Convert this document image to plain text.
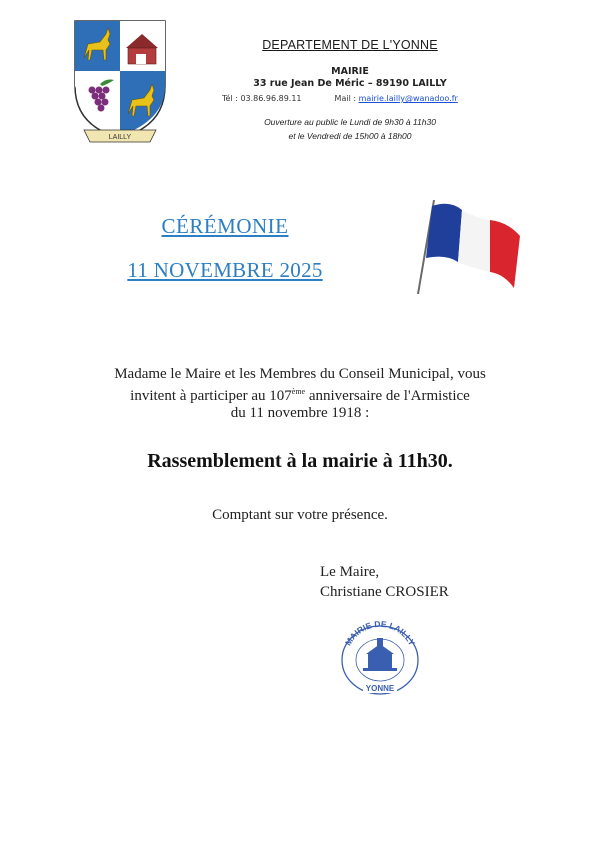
LAILLY
DEPARTEMENT DE L'YONNE
MAIRIE
33 rue Jean De Méric – 89190 LAILLY
Tél : 03.86.96.89.11	Mail : mairie.lailly@wanadoo.fr
Ouverture au public le Lundi de 9h30 à 11h30
et le Vendredi de 15h00 à 18h00
CÉRÉMONIE
11 NOVEMBRE 2025
Madame le Maire et les Membres du Conseil Municipal, vous
invitent à participer au 107ème anniversaire de l'Armistice
du 11 novembre 1918 :
Rassemblement à la mairie à 11h30.
Comptant sur votre présence.
Le Maire,
Christiane CROSIER
MAIRIE DE LAILLY
YONNE
